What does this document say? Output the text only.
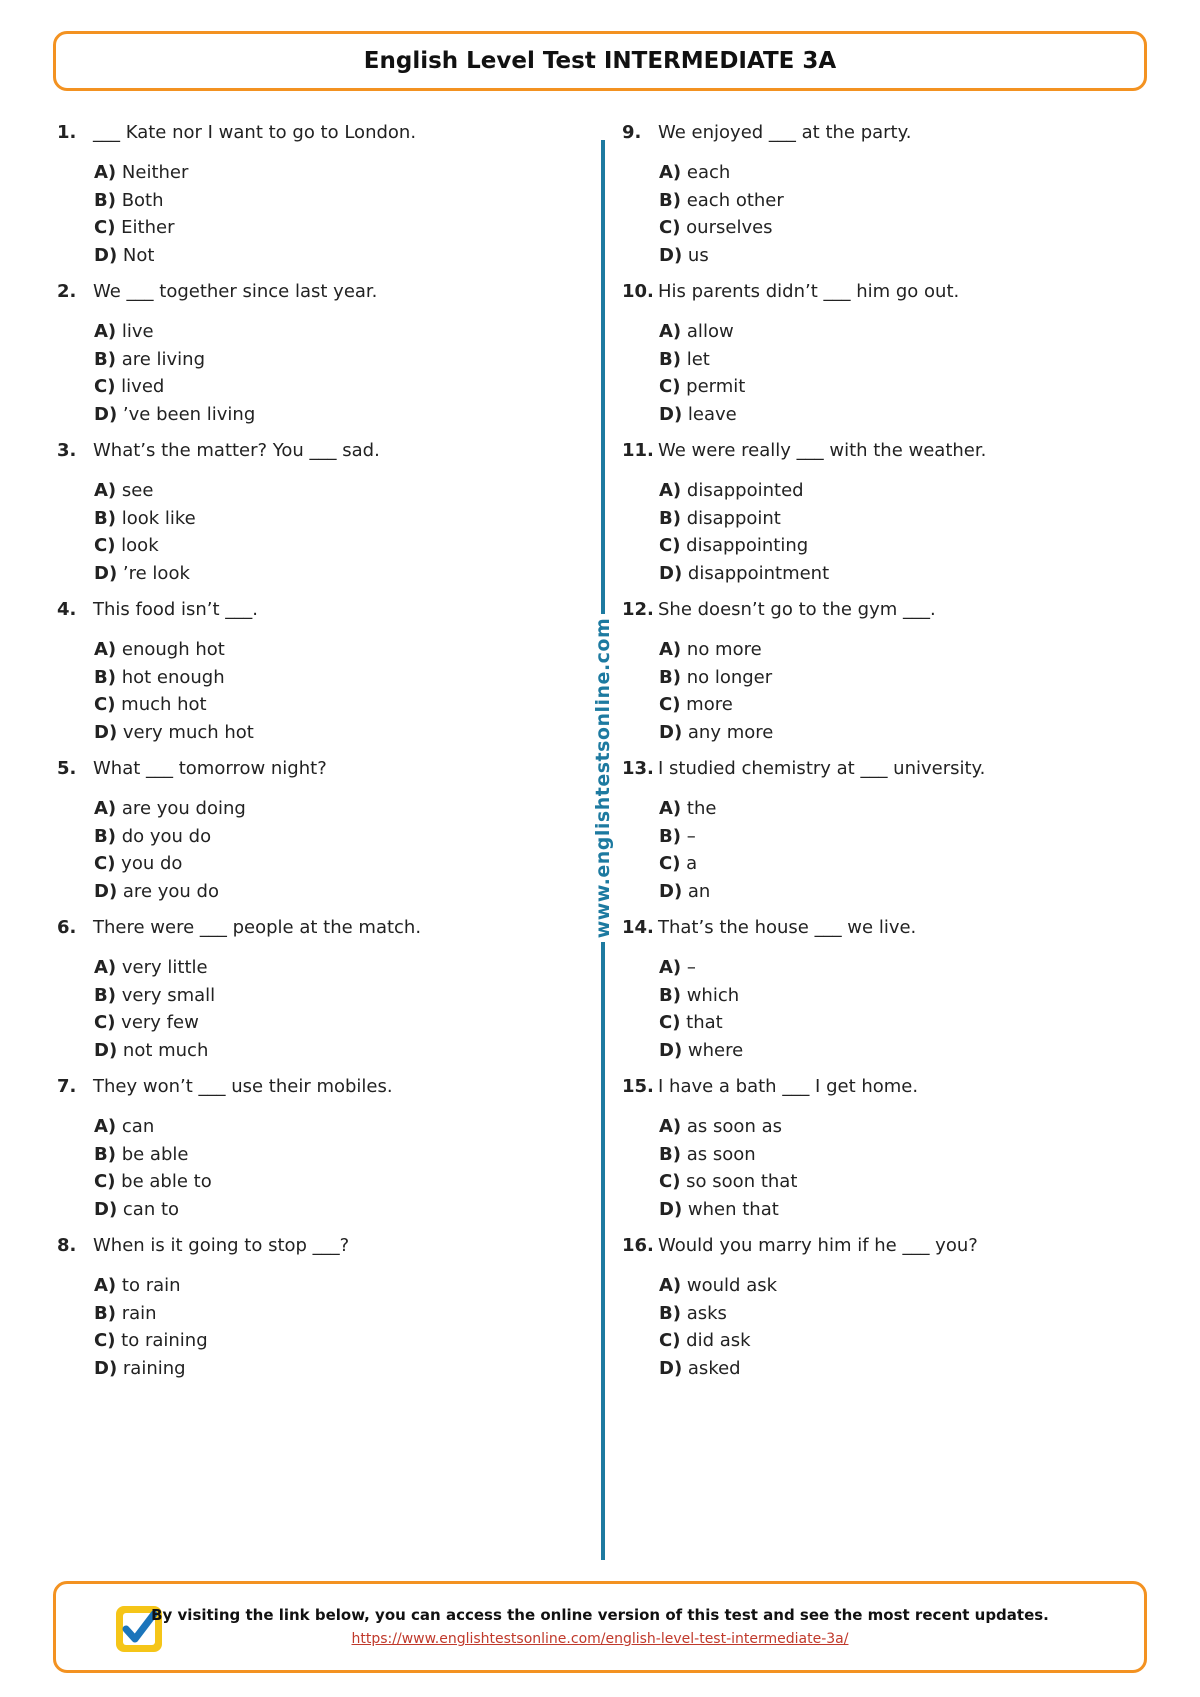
English Level Test INTERMEDIATE 3A
1. ___ Kate nor I want to go to London.
A) Neither
B) Both
C) Either
D) Not
2. We ___ together since last year.
A) live
B) are living
C) lived
D) ’ve been living
3. What’s the matter? You ___ sad.
A) see
B) look like
C) look
D) ’re look
4. This food isn’t ___.
A) enough hot
B) hot enough
C) much hot
D) very much hot
5. What ___ tomorrow night?
A) are you doing
B) do you do
C) you do
D) are you do
6. There were ___ people at the match.
A) very little
B) very small
C) very few
D) not much
7. They won’t ___ use their mobiles.
A) can
B) be able
C) be able to
D) can to
8. When is it going to stop ___?
A) to rain
B) rain
C) to raining
D) raining
9. We enjoyed ___ at the party.
A) each
B) each other
C) ourselves
D) us
10. His parents didn’t ___ him go out.
A) allow
B) let
C) permit
D) leave
11. We were really ___ with the weather.
A) disappointed
B) disappoint
C) disappointing
D) disappointment
12. She doesn’t go to the gym ___.
A) no more
B) no longer
C) more
D) any more
13. I studied chemistry at ___ university.
A) the
B) –
C) a
D) an
14. That’s the house ___ we live.
A) –
B) which
C) that
D) where
15. I have a bath ___ I get home.
A) as soon as
B) as soon
C) so soon that
D) when that
16. Would you marry him if he ___ you?
A) would ask
B) asks
C) did ask
D) asked
www.englishtestsonline.com
By visiting the link below, you can access the online version of this test and see the most recent updates.
https://www.englishtestsonline.com/english-level-test-intermediate-3a/
